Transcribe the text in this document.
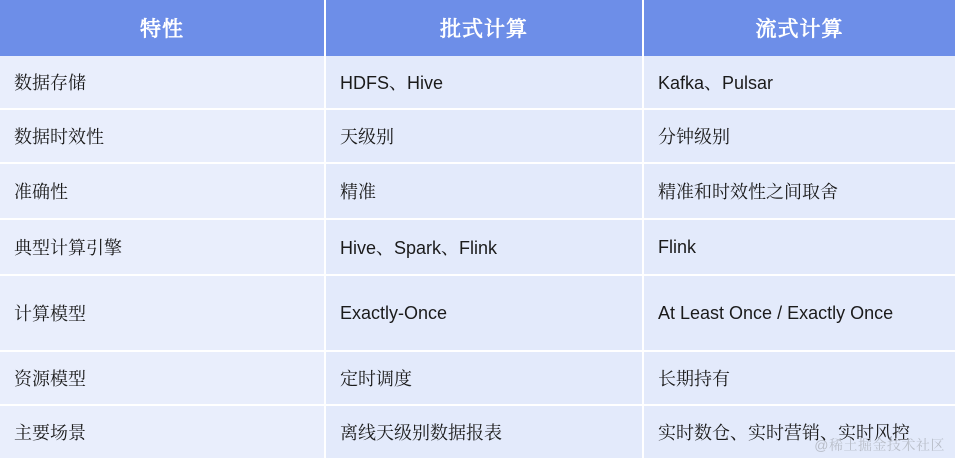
特性	批式计算	流式计算
数据存储	HDFS、Hive	Kafka、Pulsar
数据时效性	天级别	分钟级别
准确性	精准	精准和时效性之间取舍
典型计算引擎	Hive、Spark、Flink	Flink
计算模型	Exactly-Once	At Least Once / Exactly Once
资源模型	定时调度	长期持有
主要场景	离线天级别数据报表	实时数仓、实时营销、实时风控
@稀土掘金技术社区
